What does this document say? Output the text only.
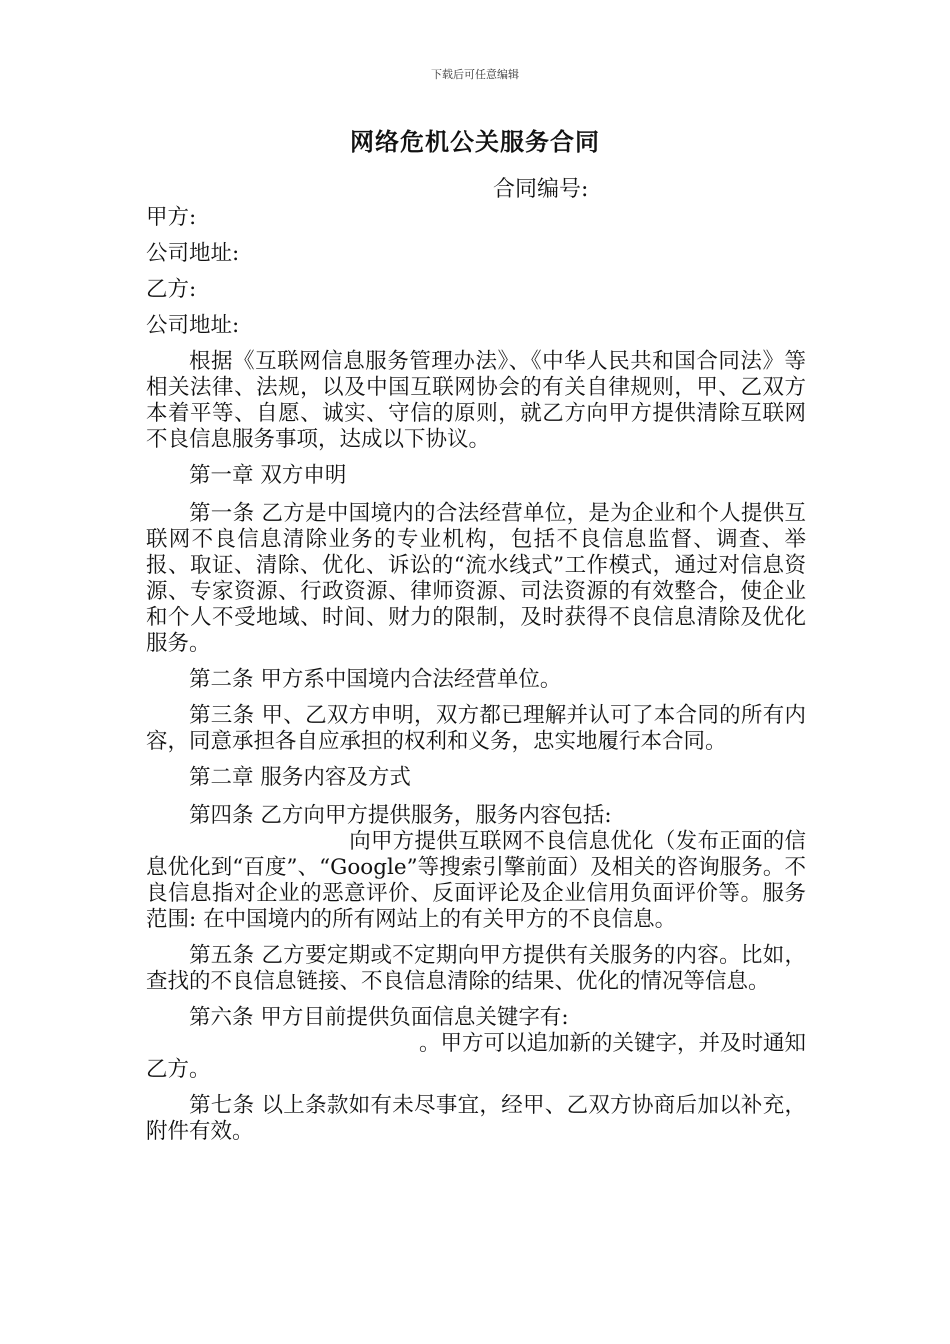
下载后可任意编辑
网络危机公关服务合同
合同编号:

甲方:

公司地址:

乙方:

公司地址:

根据《互联网信息服务管理办法》、《中华人民共和国合同法》等相关法律、法规，以及中国互联网协会的有关自律规则，甲、乙双方本着平等、自愿、诚实、守信的原则，就乙方向甲方提供清除互联网不良信息服务事项，达成以下协议。

第一章 双方申明

第一条 乙方是中国境内的合法经营单位，是为企业和个人提供互联网不良信息清除业务的专业机构，包括不良信息监督、调查、举报、取证、清除、优化、诉讼的“流水线式”工作模式，通过对信息资源、专家资源、行政资源、律师资源、司法资源的有效整合，使企业和个人不受地域、时间、财力的限制，及时获得不良信息清除及优化服务。

第二条 甲方系中国境内合法经营单位。

第三条 甲、乙双方申明，双方都已理解并认可了本合同的所有内容，同意承担各自应承担的权利和义务，忠实地履行本合同。

第二章 服务内容及方式

第四条 乙方向甲方提供服务，服务内容包括:

向甲方提供互联网不良信息优化（发布正面的信息优化到“百度”、“Google”等搜索引擎前面）及相关的咨询服务。不良信息指对企业的恶意评价、反面评论及企业信用负面评价等。服务范围: 在中国境内的所有网站上的有关甲方的不良信息。

第五条 乙方要定期或不定期向甲方提供有关服务的内容。比如，查找的不良信息链接、不良信息清除的结果、优化的情况等信息。

第六条 甲方目前提供负面信息关键字有:

。甲方可以追加新的关键字，并及时通知乙方。

第七条 以上条款如有未尽事宜，经甲、乙双方协商后加以补充，附件有效。
